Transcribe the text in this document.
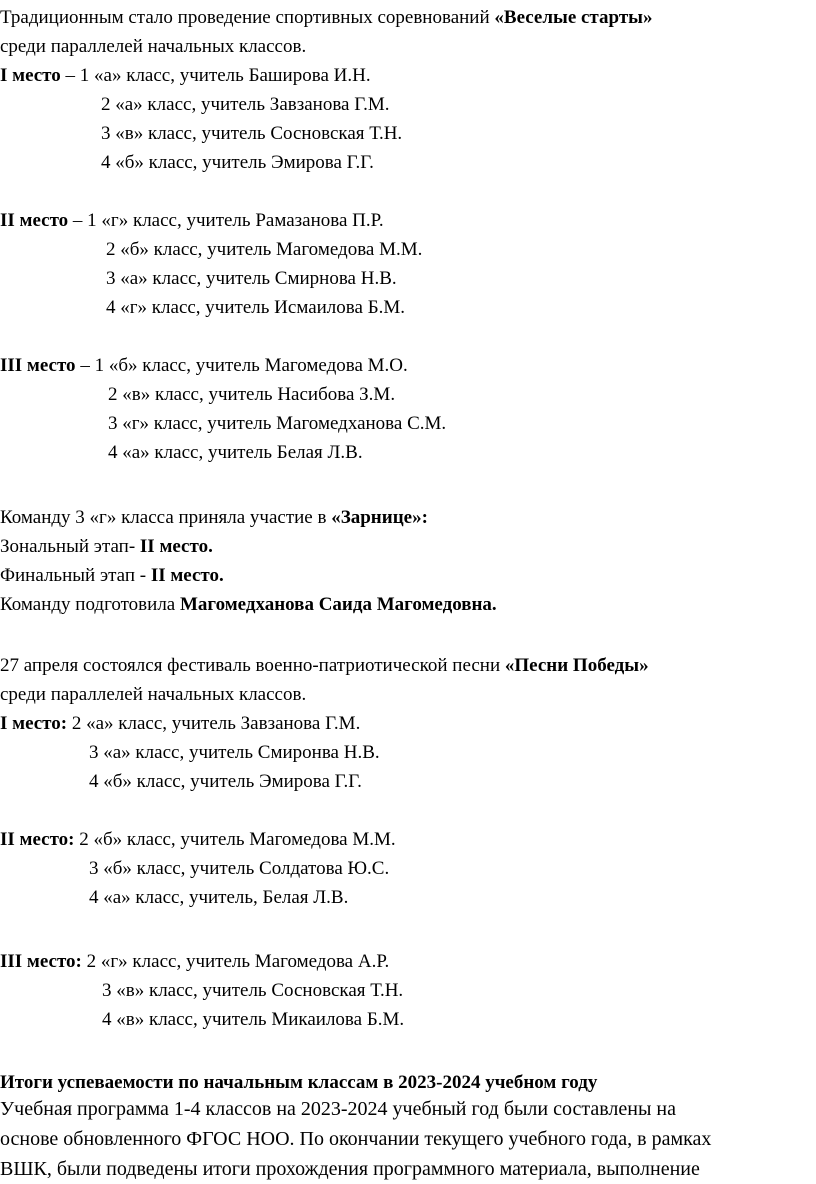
Традиционным стало проведение спортивных соревнований «Веселые старты»
среди параллелей начальных классов.
I место – 1 «а» класс, учитель Баширова И.Н.
2 «а» класс, учитель Завзанова Г.М.
3 «в» класс, учитель Сосновская Т.Н.
4 «б» класс, учитель Эмирова Г.Г.
II место – 1 «г» класс, учитель Рамазанова П.Р.
2 «б» класс, учитель Магомедова М.М.
3 «а» класс, учитель Смирнова Н.В.
4 «г» класс, учитель Исмаилова Б.М.
III место – 1 «б» класс, учитель Магомедова М.О.
2 «в» класс, учитель Насибова З.М.
3 «г» класс, учитель Магомедханова С.М.
4 «а» класс, учитель Белая Л.В.
Команду 3 «г» класса приняла участие в «Зарнице»:
Зональный этап- II место.
Финальный этап - II место.
Команду подготовила Магомедханова Саида Магомедовна.
27 апреля состоялся фестиваль военно-патриотической песни «Песни Победы»
среди параллелей начальных классов.
I место: 2 «а» класс, учитель Завзанова Г.М.
3 «а» класс, учитель Смиронва Н.В.
4 «б» класс, учитель Эмирова Г.Г.
II место: 2 «б» класс, учитель Магомедова М.М.
3 «б» класс, учитель Солдатова Ю.С.
4 «а» класс, учитель, Белая Л.В.
III место: 2 «г» класс, учитель Магомедова А.Р.
3 «в» класс, учитель Сосновская Т.Н.
4 «в» класс, учитель Микаилова Б.М.
Итоги успеваемости по начальным классам в 2023-2024 учебном году
Учебная программа 1-4 классов на 2023-2024 учебный год были составлены на
основе обновленного ФГОС НОО. По окончании текущего учебного года, в рамках
ВШК, были подведены итоги прохождения программного материала, выполнение
